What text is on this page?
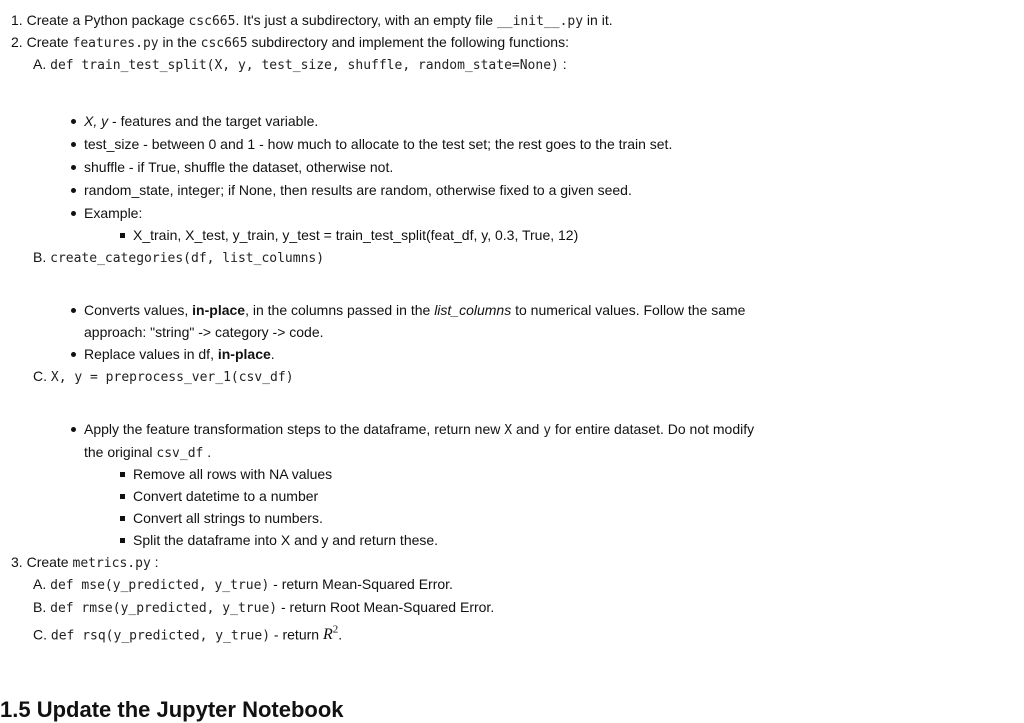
1. Create a Python package csc665. It's just a subdirectory, with an empty file __init__.py in it.
2. Create features.py in the csc665 subdirectory and implement the following functions:
A. def train_test_split(X, y, test_size, shuffle, random_state=None) :
X, y - features and the target variable.
test_size - between 0 and 1 - how much to allocate to the test set; the rest goes to the train set.
shuffle - if True, shuffle the dataset, otherwise not.
random_state, integer; if None, then results are random, otherwise fixed to a given seed.
Example:
X_train, X_test, y_train, y_test = train_test_split(feat_df, y, 0.3, True, 12)
B. create_categories(df, list_columns)
Converts values, in-place, in the columns passed in the list_columns to numerical values. Follow the same
approach: "string" -> category -> code.
Replace values in df, in-place.
C. X, y = preprocess_ver_1(csv_df)
Apply the feature transformation steps to the dataframe, return new X and y for entire dataset. Do not modify
the original csv_df .
Remove all rows with NA values
Convert datetime to a number
Convert all strings to numbers.
Split the dataframe into X and y and return these.
3. Create metrics.py :
A. def mse(y_predicted, y_true) - return Mean-Squared Error.
B. def rmse(y_predicted, y_true) - return Root Mean-Squared Error.
C. def rsq(y_predicted, y_true) - return $R^2$.
1.5 Update the Jupyter Notebook
